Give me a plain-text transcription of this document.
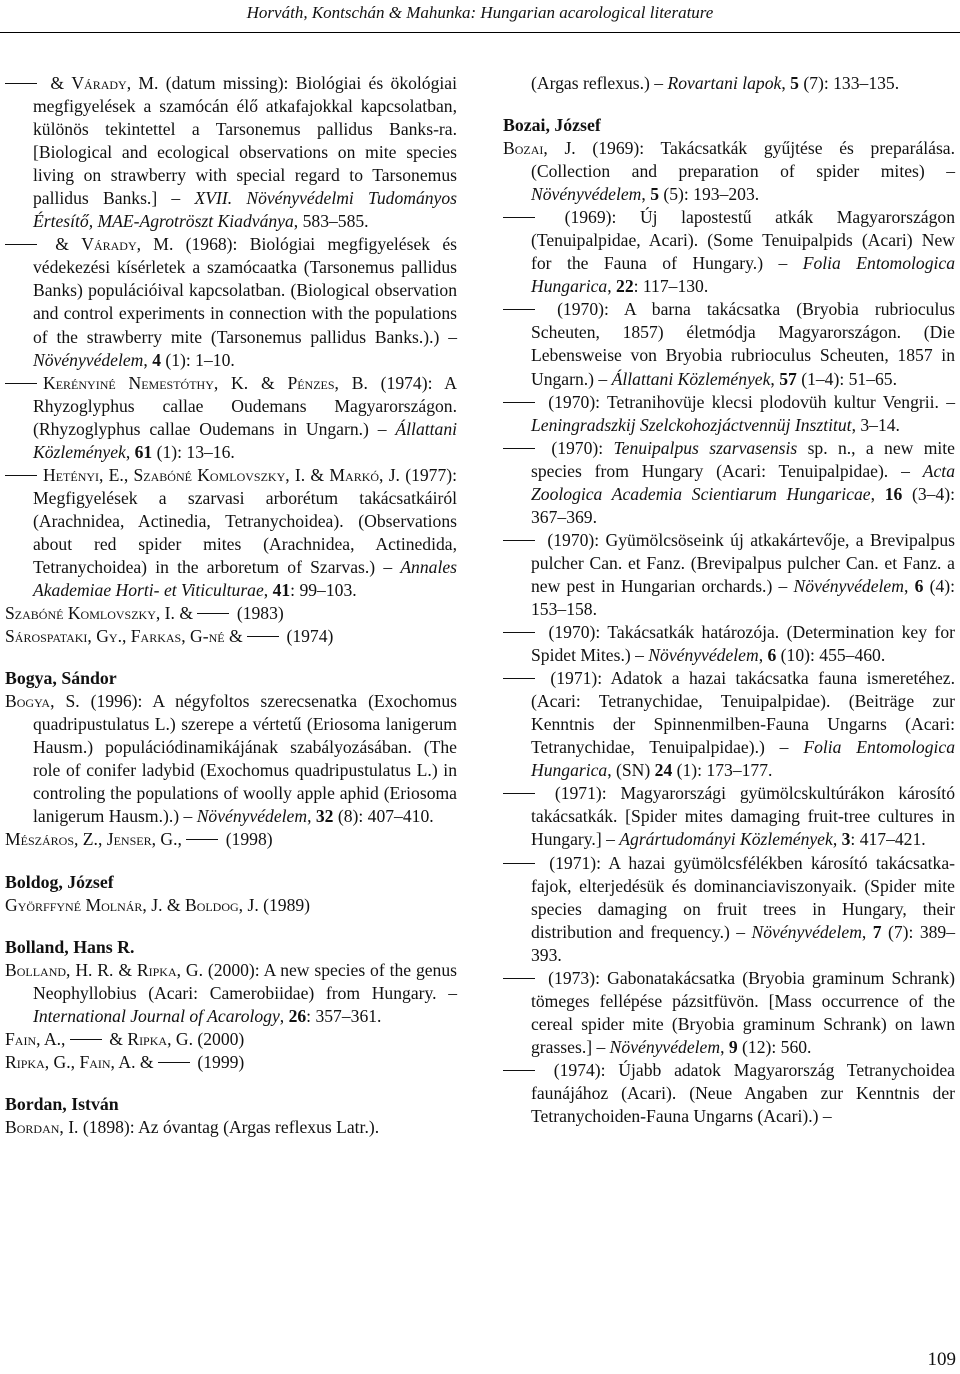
Horváth, Kontschán & Mahunka: Hungarian acarological literature

& Várady, M. (datum missing): Biológiai és ökológiai megfigyelések a szamócán élő atkafajokkal kapcsolatban, különös tekintettel a Tarsonemus pallidus Banks-ra. [Biological and ecological observations on mite species living on strawberry with special regard to Tarsonemus pallidus Banks.] – XVII. Növényvédelmi Tudományos Értesítő, MAE-Agrotröszt Kiadványa, 583–585.

& Várady, M. (1968): Biológiai megfigyelések és védekezési kísérletek a szamócaatka (Tarsonemus pallidus Banks) populációival kapcsolatban. (Biological observation and control experiments in connection with the populations of the strawberry mite (Tarsonemus pallidus Banks.).) – Növényvédelem, 4 (1): 1–10.

Kerényiné Nemestóthy, K. & Pénzes, B. (1974): A Rhyzoglyphus callae Oudemans Magyarországon. (Rhyzoglyphus callae Oudemans in Ungarn.) – Állattani Közlemények, 61 (1): 13–16.

Hetényi, E., Szabóné Komlovszky, I. & Markó, J. (1977): Megfigyelések a szarvasi arborétum takácsatkáiról (Arachnidea, Actinedia, Tetranychoidea). (Observations about red spider mites (Arachnidea, Actinedida, Tetranychoidea) in the arboretum of Szarvas.) – Annales Akademiae Horti- et Viticulturae, 41: 99–103.

Szabóné Komlovszky, I. &  (1983)

Sárospataki, Gy., Farkas, G-né &  (1974)

Bogya, Sándor

Bogya, S. (1996): A négyfoltos szerecsenatka (Exochomus quadripustulatus L.) szerepe a vértetű (Eriosoma lanigerum Hausm.) populációdinamikájának szabályozásában. (The role of conifer ladybid (Exochomus quadripustulatus L.) in controling the populations of woolly apple aphid (Eriosoma lanigerum Hausm.).) – Növényvédelem, 32 (8): 407–410.

Mészáros, Z., Jenser, G.,  (1998)

Boldog, József

Györffyné Molnár, J. & Boldog, J. (1989)

Bolland, Hans R.

Bolland, H. R. & Ripka, G. (2000): A new species of the genus Neophyllobius (Acari: Camerobiidae) from Hungary. – International Journal of Acarology, 26: 357–361.

Fain, A.,  & Ripka, G. (2000)

Ripka, G., Fain, A. &  (1999)

Bordan, István

Bordan, I. (1898): Az óvantag (Argas reflexus Latr.).

(Argas reflexus.) – Rovartani lapok, 5 (7): 133–135.

Bozai, József

Bozai, J. (1969): Takácsatkák gyűjtése és preparálása. (Collection and preparation of spider mites) – Növényvédelem, 5 (5): 193–203.

(1969): Új lapostestű atkák Magyarországon (Tenuipalpidae, Acari). (Some Tenuipalpids (Acari) New for the Fauna of Hungary.) – Folia Entomologica Hungarica, 22: 117–130.

(1970): A barna takácsatka (Bryobia rubrioculus Scheuten, 1857) életmódja Magyarországon. (Die Lebensweise von Bryobia rubrioculus Scheuten, 1857 in Ungarn.) – Állattani Közlemények, 57 (1–4): 51–65.

(1970): Tetranihovüje klecsi plodovüh kultur Vengrii. – Leningradszkij Szelckohozjáctvennüj Insztitut, 3–14.

(1970): Tenuipalpus szarvasensis sp. n., a new mite species from Hungary (Acari: Tenuipalpidae). – Acta Zoologica Academia Scientiarum Hungaricae, 16 (3–4): 367–369.

(1970): Gyümölcsöseink új atkakártevője, a Brevipalpus pulcher Can. et Fanz. (Brevipalpus pulcher Can. et Fanz. a new pest in Hungarian orchards.) – Növényvédelem, 6 (4): 153–158.

(1970): Takácsatkák határozója. (Determination key for Spidet Mites.) – Növényvédelem, 6 (10): 455–460.

(1971): Adatok a hazai takácsatka fauna ismeretéhez. (Acari: Tetranychidae, Tenuipalpidae). (Beiträge zur Kenntnis der Spinnenmilben-Fauna Ungarns (Acari: Tetranychidae, Tenuipalpidae).) – Folia Entomologica Hungarica, (SN) 24 (1): 173–177.

(1971): Magyarországi gyümölcskultúrákon károsító takácsatkák. [Spider mites damaging fruit-tree cultures in Hungary.] – Agrártudományi Közlemények, 3: 417–421.

(1971): A hazai gyümölcsfélékben károsító takácsatka-fajok, elterjedésük és dominanciaviszonyaik. (Spider mite species damaging on fruit trees in Hungary, their distribution and frequency.) – Növényvédelem, 7 (7): 389–393.

(1973): Gabonatakácsatka (Bryobia graminum Schrank) tömeges fellépése pázsitfüvön. [Mass occurrence of the cereal spider mite (Bryobia graminum Schrank) on lawn grasses.] – Növényvédelem, 9 (12): 560.

(1974): Újabb adatok Magyarország Tetranychoidea faunájához (Acari). (Neue Angaben zur Kenntnis der Tetranychoiden-Fauna Ungarns (Acari).) –

109
